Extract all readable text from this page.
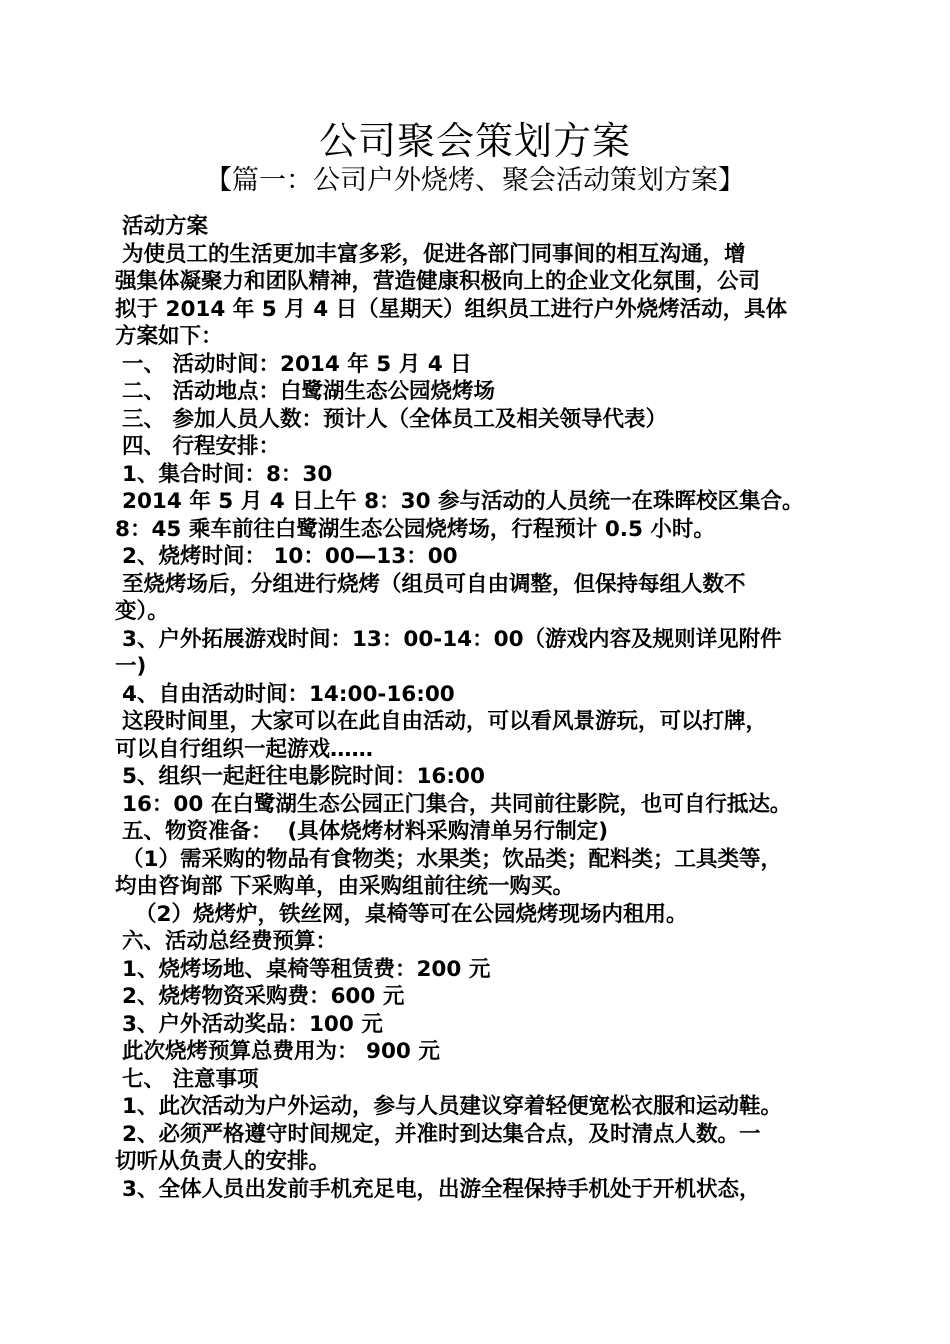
公司聚会策划方案
【篇一：公司户外烧烤、聚会活动策划方案】
活动方案
为使员工的生活更加丰富多彩，促进各部门同事间的相互沟通，增
强集体凝聚力和团队精神，营造健康积极向上的企业文化氛围，公司
拟于 2014 年 5 月 4 日（星期天）组织员工进行户外烧烤活动，具体
方案如下：
一、 活动时间：2014 年 5 月 4 日
二、 活动地点：白鹭湖生态公园烧烤场
三、 参加人员人数：预计人（全体员工及相关领导代表）
四、 行程安排：
1、集合时间：8：30
2014 年 5 月 4 日上午 8：30 参与活动的人员统一在珠晖校区集合。
8：45 乘车前往白鹭湖生态公园烧烤场，行程预计 0.5 小时。
2、烧烤时间： 10：00—13：00
至烧烤场后，分组进行烧烤（组员可自由调整，但保持每组人数不
变）。
3、户外拓展游戏时间：13：00-14：00（游戏内容及规则详见附件
一)
4、自由活动时间：14:00-16:00
这段时间里，大家可以在此自由活动，可以看风景游玩，可以打牌，
可以自行组织一起游戏……
5、组织一起赶往电影院时间：16:00
16：00 在白鹭湖生态公园正门集合，共同前往影院，也可自行抵达。
五、物资准备：  (具体烧烤材料采购清单另行制定)
（1）需采购的物品有食物类；水果类；饮品类；配料类；工具类等，
均由咨询部 下采购单，由采购组前往统一购买。
（2）烧烤炉，铁丝网，桌椅等可在公园烧烤现场内租用。
六、活动总经费预算：
1、烧烤场地、桌椅等租赁费：200 元
2、烧烤物资采购费：600 元
3、户外活动奖品：100 元
此次烧烤预算总费用为： 900 元
七、 注意事项
1、此次活动为户外运动，参与人员建议穿着轻便宽松衣服和运动鞋。
2、必须严格遵守时间规定，并准时到达集合点，及时清点人数。一
切听从负责人的安排。
3、全体人员出发前手机充足电，出游全程保持手机处于开机状态，
